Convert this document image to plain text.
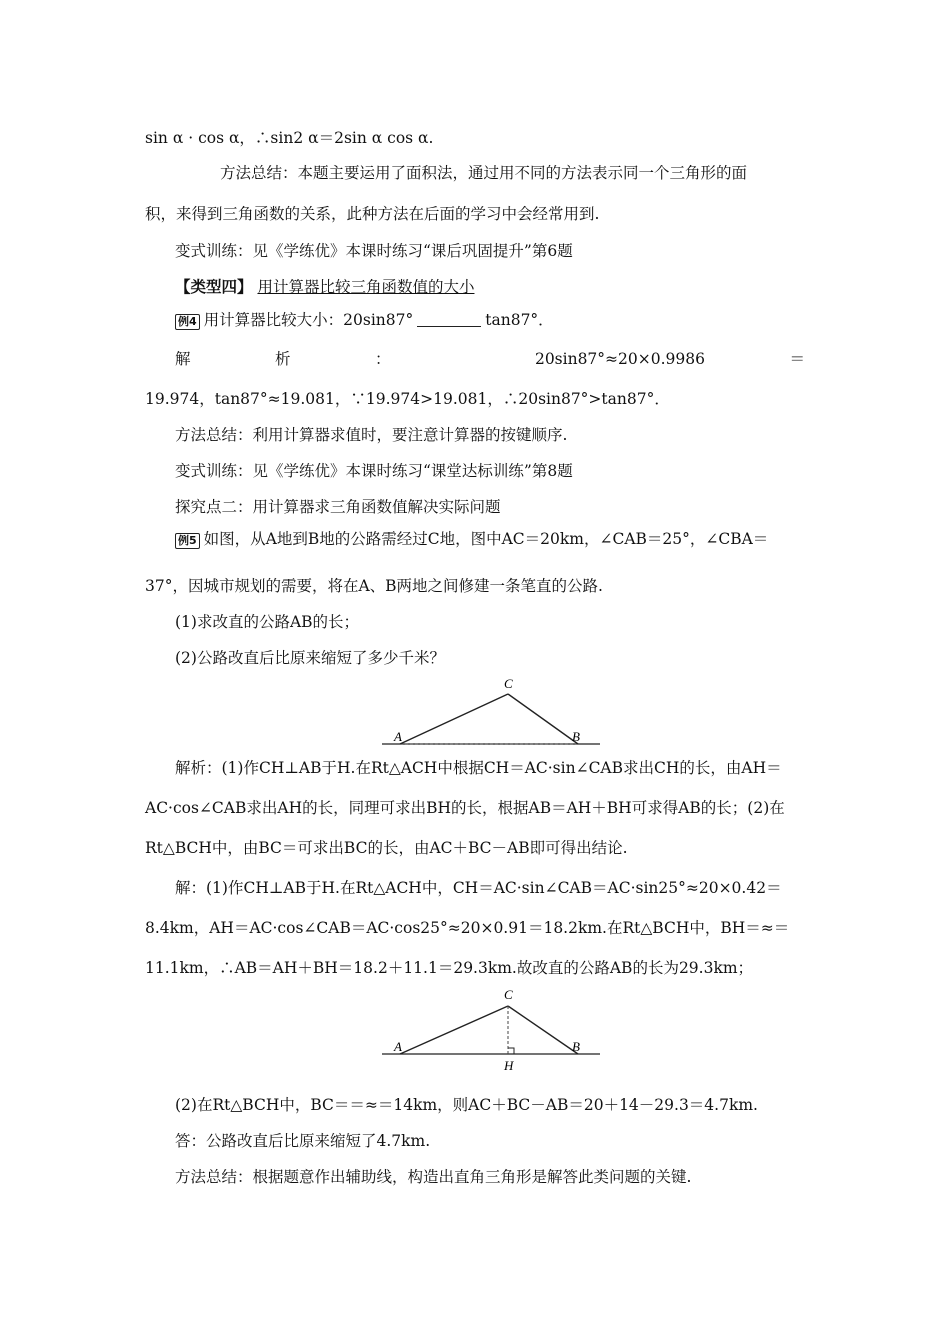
sin α · cos α，∴sin2 α＝2sin α cos α.
方法总结：本题主要运用了面积法，通过用不同的方法表示同一个三角形的面
积，来得到三角函数的关系，此种方法在后面的学习中会经常用到.
变式训练：见《学练优》本课时练习“课后巩固提升”第6题
【类型四】 用计算器比较三角函数值的大小
例4 用计算器比较大小：20sin87°	tan87°．
解	析	：	20sin87°≈20×0.9986	＝
19.974，tan87°≈19.081，∵19.974>19.081，∴20sin87°>tan87°．
方法总结：利用计算器求值时，要注意计算器的按键顺序.
变式训练：见《学练优》本课时练习“课堂达标训练”第8题
探究点二：用计算器求三角函数值解决实际问题
例5 如图，从A地到B地的公路需经过C地，图中AC＝20km，∠CAB＝25°，∠CBA＝
37°，因城市规划的需要，将在A、B两地之间修建一条笔直的公路.
(1)求改直的公路AB的长；
(2)公路改直后比原来缩短了多少千米？
C
A	B
解析：(1)作CH⊥AB于H.在Rt△ACH中根据CH＝AC·sin∠CAB求出CH的长，由AH＝
AC·cos∠CAB求出AH的长，同理可求出BH的长，根据AB＝AH＋BH可求得AB的长；(2)在
Rt△BCH中，由BC＝可求出BC的长，由AC＋BC－AB即可得出结论.
解：(1)作CH⊥AB于H.在Rt△ACH中，CH＝AC·sin∠CAB＝AC·sin25°≈20×0.42＝
8.4km，AH＝AC·cos∠CAB＝AC·cos25°≈20×0.91＝18.2km.在Rt△BCH中，BH＝≈＝
11.1km，∴AB＝AH＋BH＝18.2＋11.1＝29.3km.故改直的公路AB的长为29.3km；
C
A	B
H
(2)在Rt△BCH中，BC＝＝≈＝14km，则AC＋BC－AB＝20＋14－29.3＝4.7km.
答：公路改直后比原来缩短了4.7km.
方法总结：根据题意作出辅助线，构造出直角三角形是解答此类问题的关键.
